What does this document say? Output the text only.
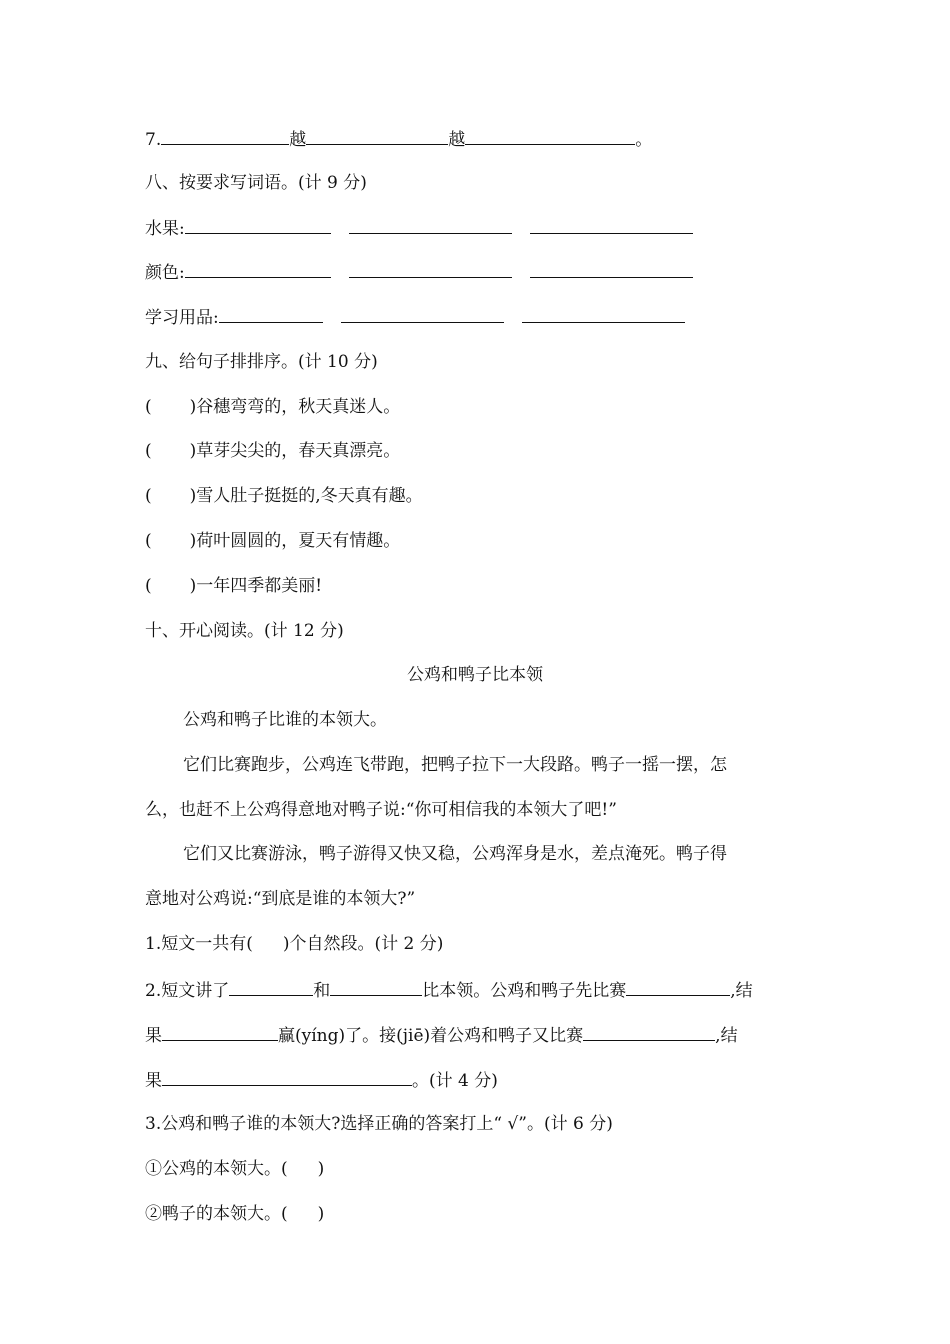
7.	越	越	。
八、按要求写词语。(计 9 分)
水果:
颜色:
学习用品:
九、给句子排排序。(计 10 分)
( )谷穗弯弯的，秋天真迷人。
( )草芽尖尖的，春天真漂亮。
( )雪人肚子挺挺的,冬天真有趣。
( )荷叶圆圆的，夏天有情趣。
( )一年四季都美丽!
十、开心阅读。(计 12 分)
公鸡和鸭子比本领
公鸡和鸭子比谁的本领大。
它们比赛跑步，公鸡连飞带跑，把鸭子拉下一大段路。鸭子一摇一摆，怎
么，也赶不上公鸡得意地对鸭子说:“你可相信我的本领大了吧!”
它们又比赛游泳，鸭子游得又快又稳，公鸡浑身是水，差点淹死。鸭子得
意地对公鸡说:“到底是谁的本领大?”
1.短文一共有( )个自然段。(计 2 分)
2.短文讲了	和	比本领。公鸡和鸭子先比赛	,结
果	赢(yíng)了。接(jiē)着公鸡和鸭子又比赛	,结
果	。(计 4 分)
3.公鸡和鸭子谁的本领大?选择正确的答案打上“ √”。(计 6 分)
①公鸡的本领大。( )
②鸭子的本领大。( )
